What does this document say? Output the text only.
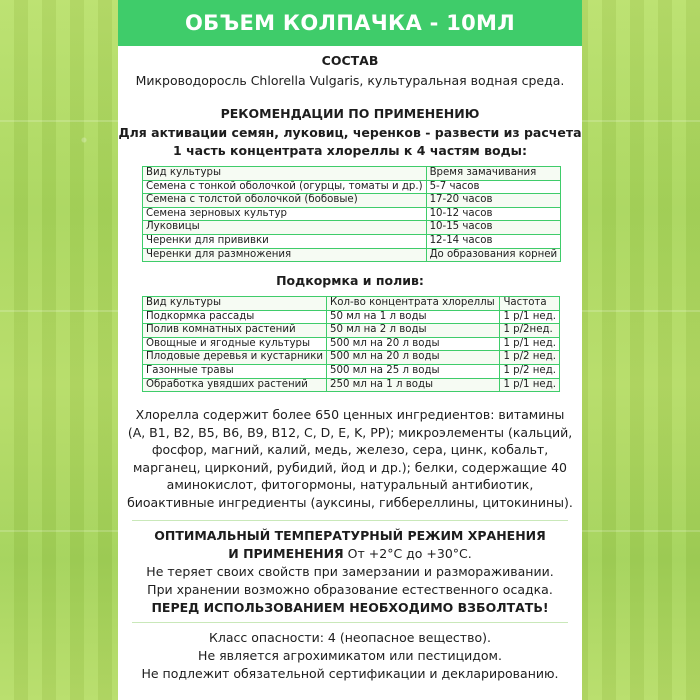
ОБЪЕМ КОЛПАЧКА - 10МЛ
СОСТАВ
Микроводоросль Chlorella Vulgaris, культуральная водная среда.
РЕКОМЕНДАЦИИ ПО ПРИМЕНЕНИЮ
Для активации семян, луковиц, черенков - развести из расчета
1 часть концентрата хлореллы к 4 частям воды:
Вид культуры	Время замачивания
Семена с тонкой оболочкой (огурцы, томаты и др.)	5-7 часов
Семена с толстой оболочкой (бобовые)	17-20 часов
Семена зерновых культур	10-12 часов
Луковицы	10-15 часов
Черенки для прививки	12-14 часов
Черенки для размножения	До образования корней
Подкормка и полив:
Вид культуры	Кол-во концентрата хлореллы	Частота
Подкормка рассады	50 мл на 1 л воды	1 р/1 нед.
Полив комнатных растений	50 мл на 2 л воды	1 р/2нед.
Овощные и ягодные культуры	500 мл на 20 л воды	1 р/1 нед.
Плодовые деревья и кустарники	500 мл на 20 л воды	1 р/2 нед.
Газонные травы	500 мл на 25 л воды	1 р/2 нед.
Обработка увядших растений	250 мл на 1 л воды	1 р/1 нед.
Хлорелла содержит более 650 ценных ингредиентов: витамины
(A, B1, B2, B5, B6, B9, B12, C, D, E, K, PP); микроэлементы (кальций,
фосфор, магний, калий, медь, железо, сера, цинк, кобальт,
марганец, цирконий, рубидий, йод и др.); белки, содержащие 40
аминокислот, фитогормоны, натуральный антибиотик,
биоактивные ингредиенты (ауксины, гиббереллины, цитокинины).
ОПТИМАЛЬНЫЙ ТЕМПЕРАТУРНЫЙ РЕЖИМ ХРАНЕНИЯ
И ПРИМЕНЕНИЯ От +2°С до +30°С.
Не теряет своих свойств при замерзании и размораживании.
При хранении возможно образование естественного осадка.
ПЕРЕД ИСПОЛЬЗОВАНИЕМ НЕОБХОДИМО ВЗБОЛТАТЬ!
Класс опасности: 4 (неопасное вещество).
Не является агрохимикатом или пестицидом.
Не подлежит обязательной сертификации и декларированию.
